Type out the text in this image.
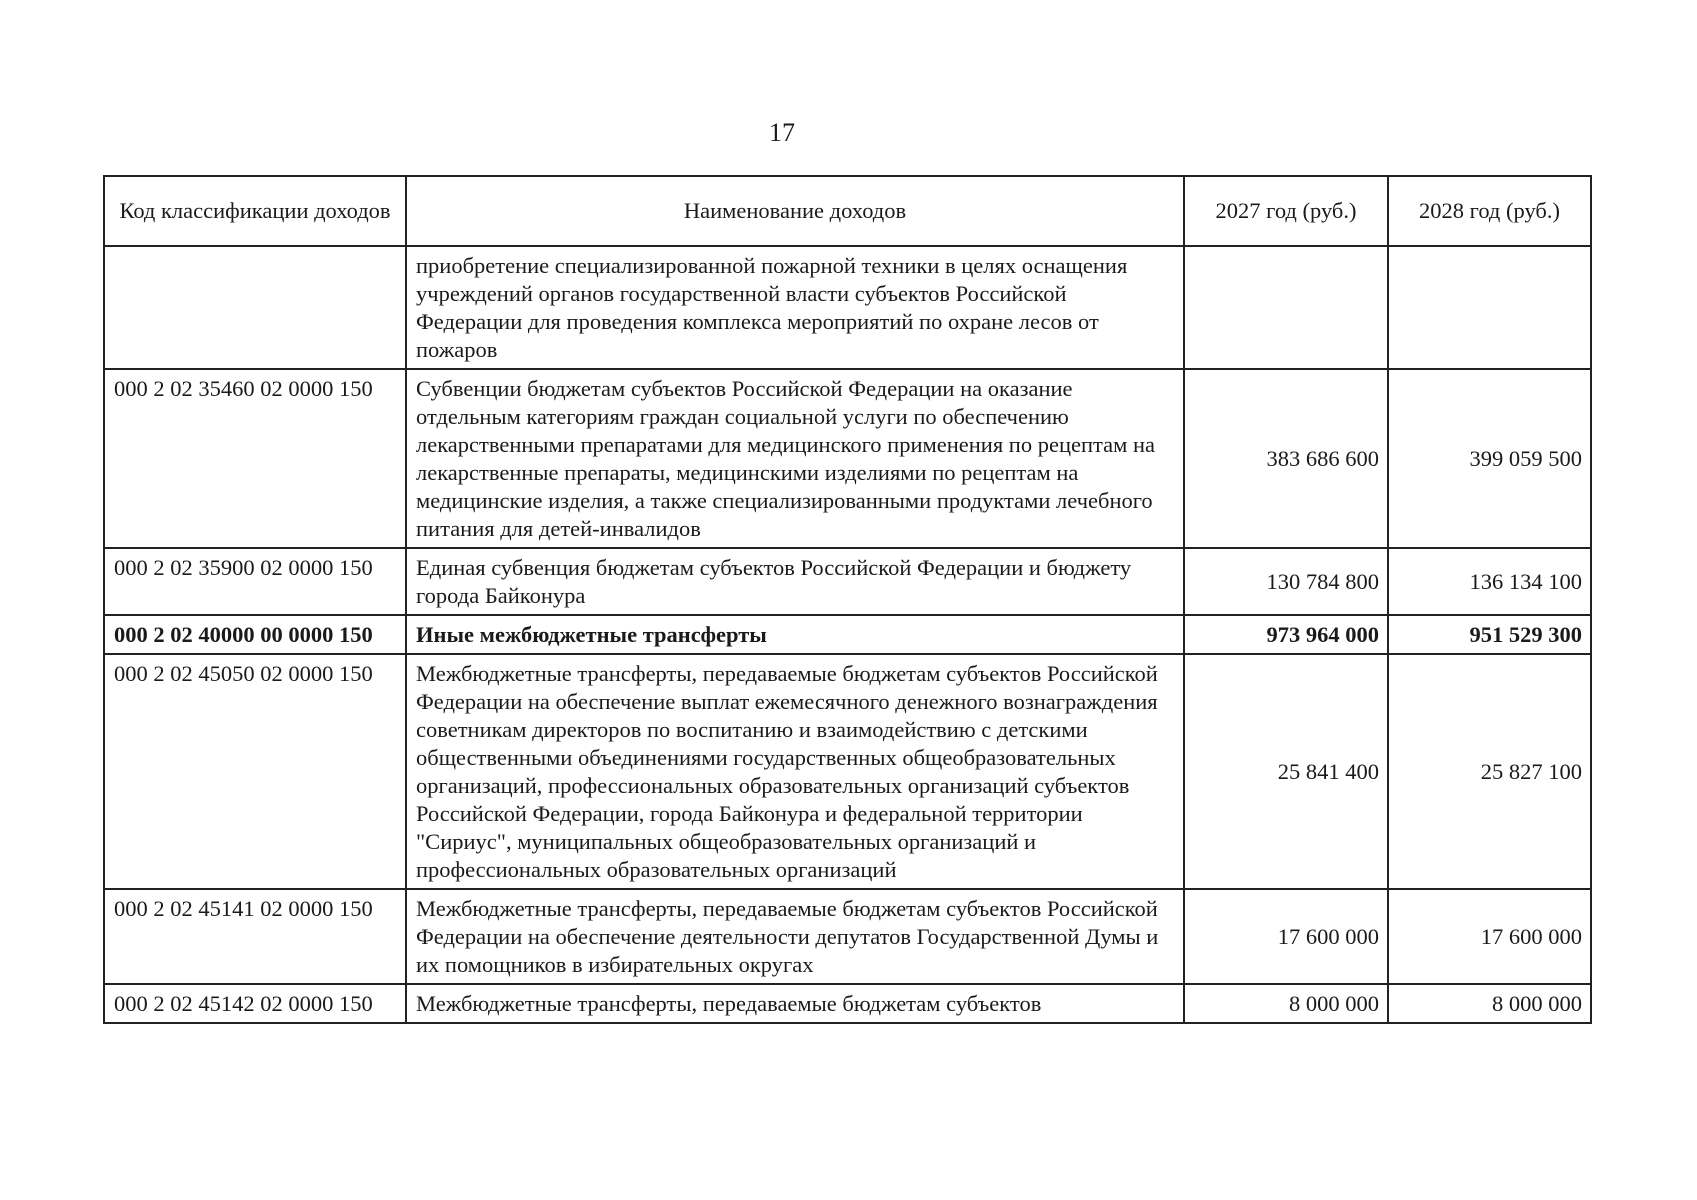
17
Код классификации доходов	Наименование доходов	2027 год (руб.)	2028 год (руб.)
	приобретение специализированной пожарной техники в целях оснащения учреждений органов государственной власти субъектов Российской Федерации для проведения комплекса мероприятий по охране лесов от пожаров		
000 2 02 35460 02 0000 150	Субвенции бюджетам субъектов Российской Федерации на оказание отдельным категориям граждан социальной услуги по обеспечению лекарственными препаратами для медицинского применения по рецептам на лекарственные препараты, медицинскими изделиями по рецептам на медицинские изделия, а также специализированными продуктами лечебного питания для детей-инвалидов	383 686 600	399 059 500
000 2 02 35900 02 0000 150	Единая субвенция бюджетам субъектов Российской Федерации и бюджету города Байконура	130 784 800	136 134 100
000 2 02 40000 00 0000 150	Иные межбюджетные трансферты	973 964 000	951 529 300
000 2 02 45050 02 0000 150	Межбюджетные трансферты, передаваемые бюджетам субъектов Российской Федерации на обеспечение выплат ежемесячного денежного вознаграждения советникам директоров по воспитанию и взаимодействию с детскими общественными объединениями государственных общеобразовательных организаций, профессиональных образовательных организаций субъектов Российской Федерации, города Байконура и федеральной территории "Сириус", муниципальных общеобразовательных организаций и профессиональных образовательных организаций	25 841 400	25 827 100
000 2 02 45141 02 0000 150	Межбюджетные трансферты, передаваемые бюджетам субъектов Российской Федерации на обеспечение деятельности депутатов Государственной Думы и их помощников в избирательных округах	17 600 000	17 600 000
000 2 02 45142 02 0000 150	Межбюджетные трансферты, передаваемые бюджетам субъектов	8 000 000	8 000 000
